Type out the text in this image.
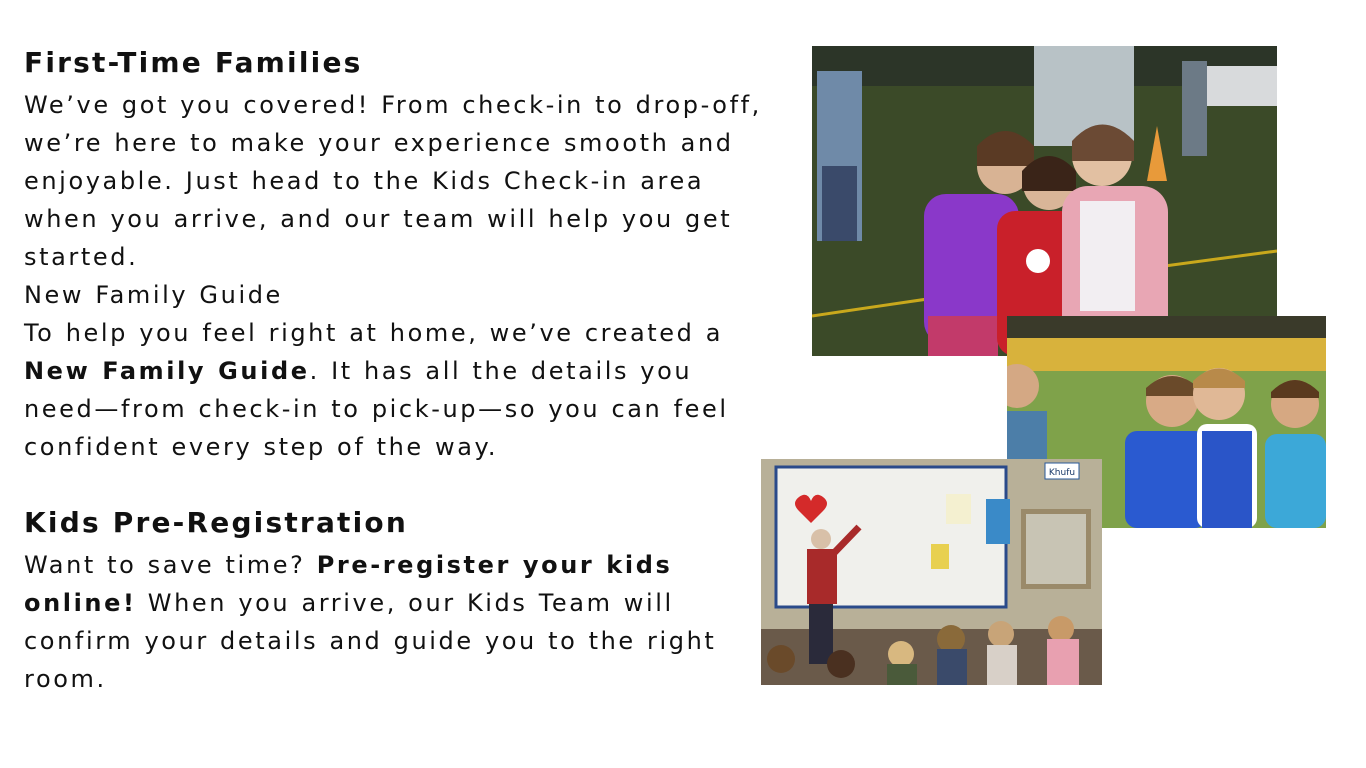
First-Time Families

We’ve got you covered! From check-in to drop-off, we’re here to make your experience smooth and enjoyable. Just head to the Kids Check-in area when you arrive, and our team will help you get started.

New Family Guide

To help you feel right at home, we’ve created a New Family Guide. It has all the details you need—from check-in to pick-up—so you can feel confident every step of the way.

Kids Pre-Registration

Want to save time? Pre-register your kids online! When you arrive, our Kids Team will confirm your details and guide you to the right room.

Khufu
